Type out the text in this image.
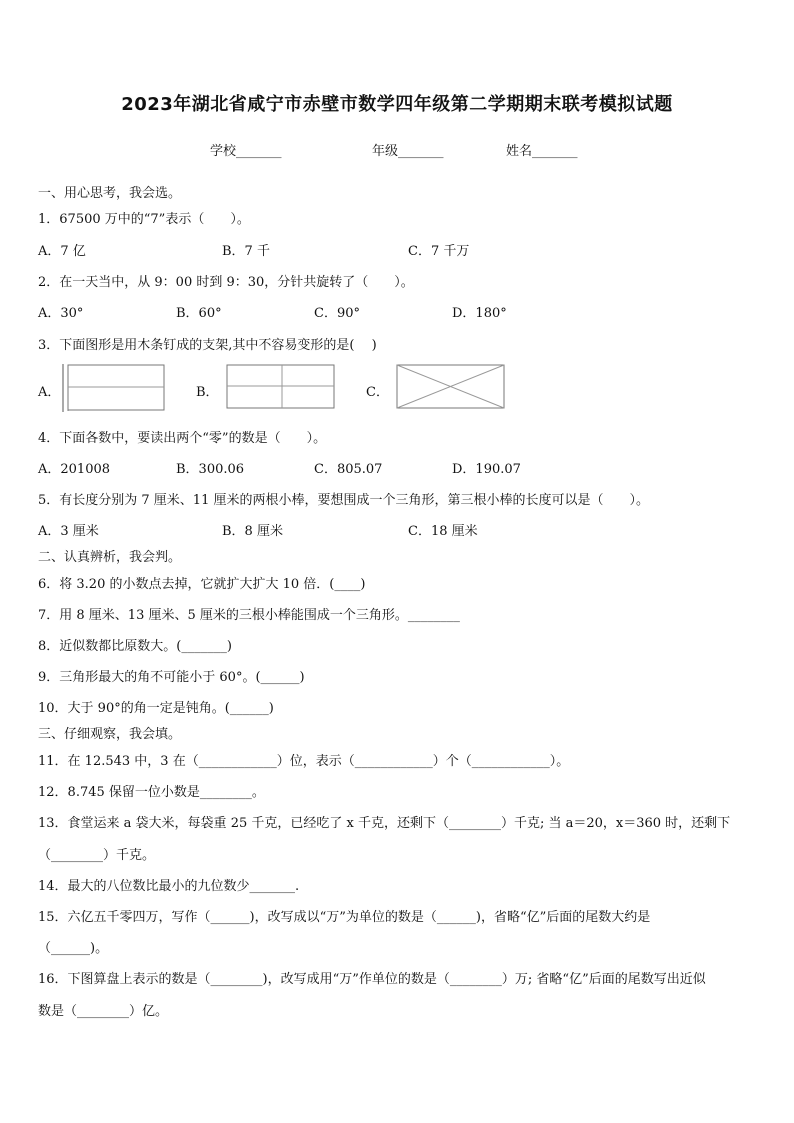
2023年湖北省咸宁市赤壁市数学四年级第二学期期末联考模拟试题
学校_______	年级_______	姓名_______
一、用心思考，我会选。
1．67500 万中的“7”表示（　　）。
A．7 亿	B．7 千	C．7 千万
2．在一天当中，从 9：00 时到 9：30，分针共旋转了（　　）。
A．30°	B．60°	C．90°	D．180°
3．下面图形是用木条钉成的支架,其中不容易变形的是(　 )
A．	B．	C．
4．下面各数中，要读出两个“零”的数是（　　）。
A．201008	B．300.06	C．805.07	D．190.07
5．有长度分别为 7 厘米、11 厘米的两根小棒，要想围成一个三角形，第三根小棒的长度可以是（　　）。
A．3 厘米	B．8 厘米	C．18 厘米
二、认真辨析，我会判。
6．将 3.20 的小数点去掉，它就扩大扩大 10 倍．(____)
7．用 8 厘米、13 厘米、5 厘米的三根小棒能围成一个三角形。________
8．近似数都比原数大。(_______)
9．三角形最大的角不可能小于 60°。(______)
10．大于 90°的角一定是钝角。(______)
三、仔细观察，我会填。
11．在 12.543 中，3 在（____________）位，表示（____________）个（____________）。
12．8.745 保留一位小数是________。
13．食堂运来 a 袋大米，每袋重 25 千克，已经吃了 x 千克，还剩下（________）千克; 当 a＝20，x＝360 时，还剩下
（________）千克。
14．最大的八位数比最小的九位数少_______.
15．六亿五千零四万，写作（______)，改写成以“万”为单位的数是（______)，省略“亿”后面的尾数大约是
（______)。
16．下图算盘上表示的数是（________)，改写成用“万”作单位的数是（________）万; 省略“亿”后面的尾数写出近似
数是（________）亿。
